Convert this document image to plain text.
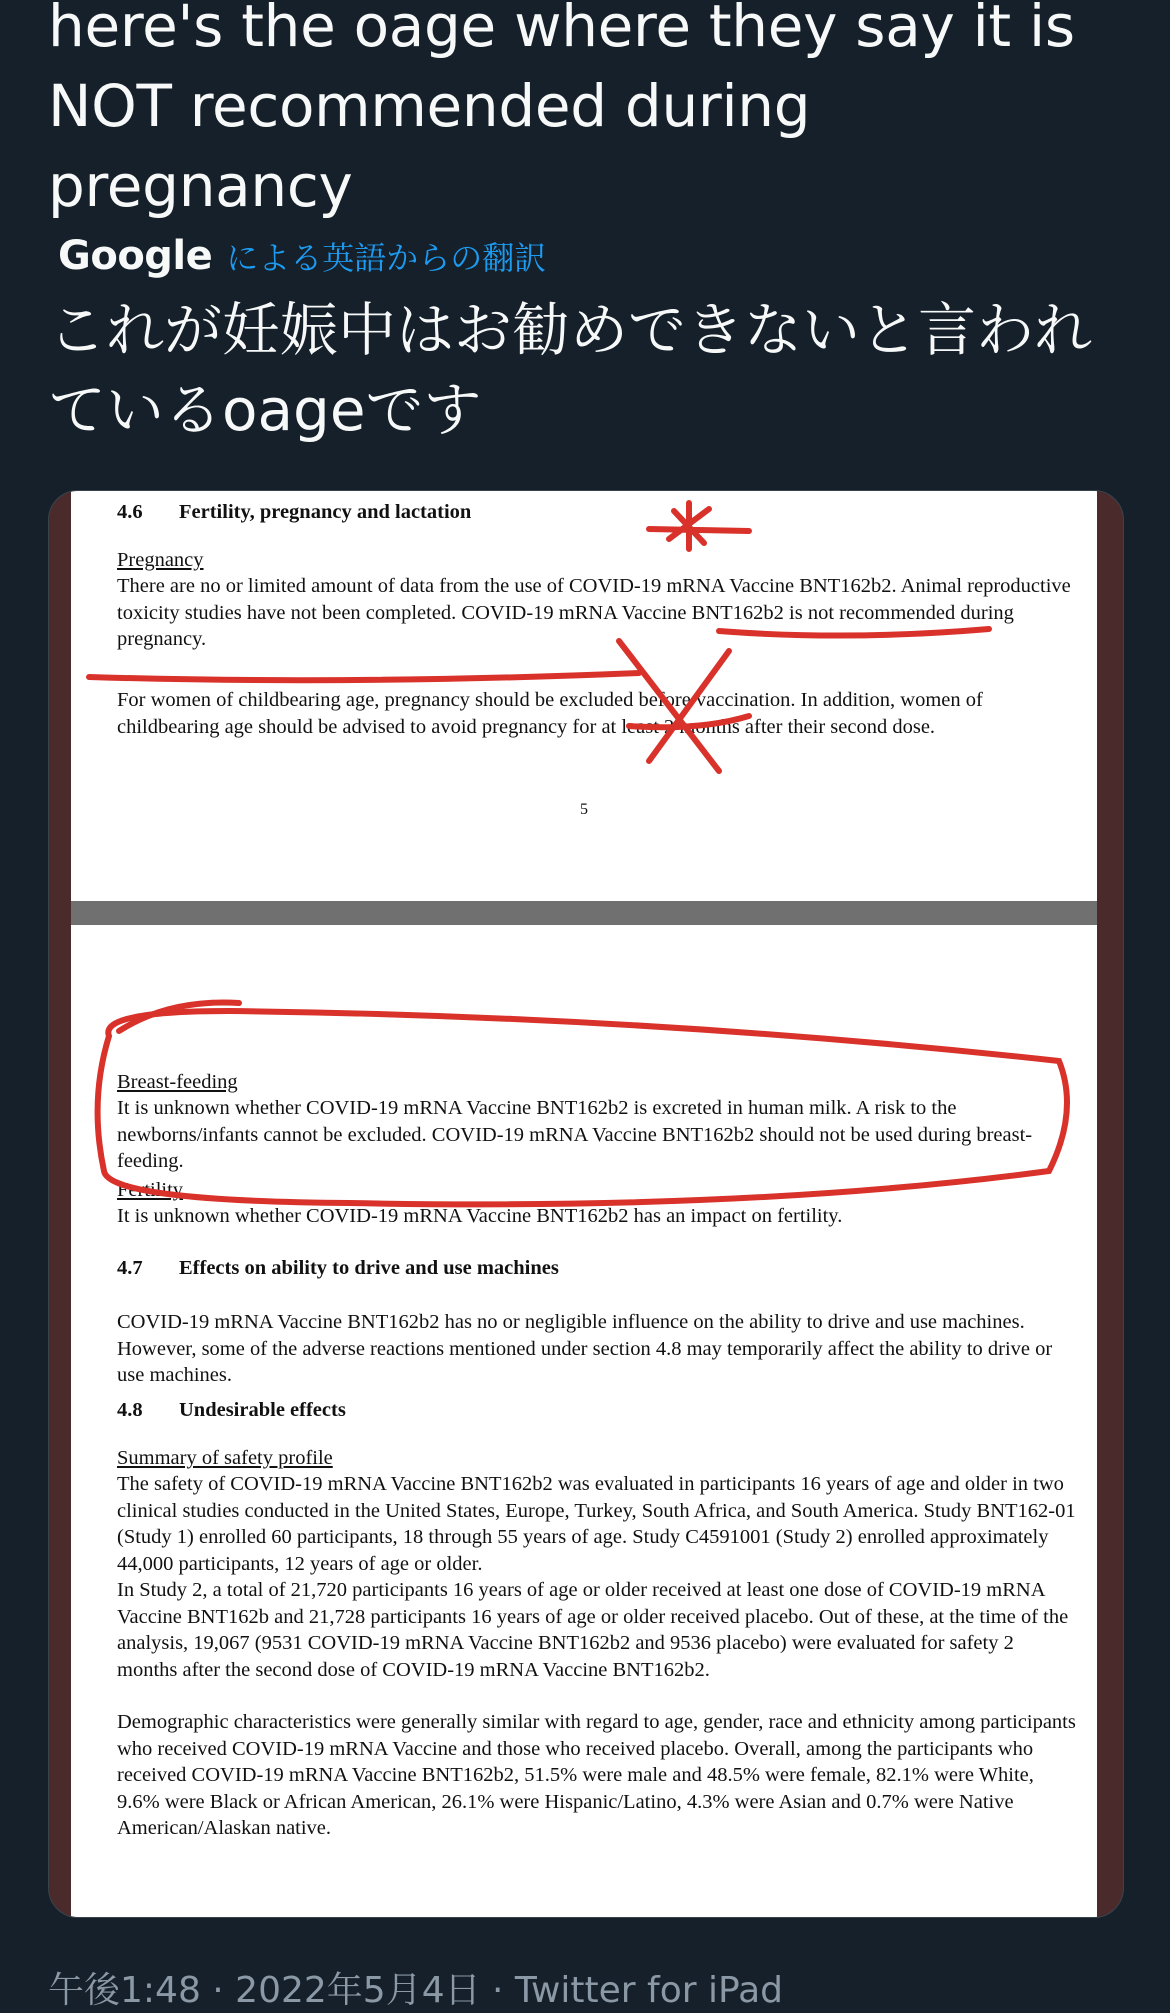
here's the oage where they say it is NOT recommended during pregnancy
Google による英語からの翻訳
これが妊娠中はお勧めできないと言われているoageです

4.6 Fertility, pregnancy and lactation

Pregnancy

There are no or limited amount of data from the use of COVID-19 mRNA Vaccine BNT162b2. Animal reproductive toxicity studies have not been completed. COVID-19 mRNA Vaccine BNT162b2 is not recommended during pregnancy.

For women of childbearing age, pregnancy should be excluded before vaccination. In addition, women of childbearing age should be advised to avoid pregnancy for at least 2 months after their second dose.

5

Breast-feeding

It is unknown whether COVID-19 mRNA Vaccine BNT162b2 is excreted in human milk. A risk to the newborns/infants cannot be excluded. COVID-19 mRNA Vaccine BNT162b2 should not be used during breast-feeding.

Fertility

It is unknown whether COVID-19 mRNA Vaccine BNT162b2 has an impact on fertility.

4.7 Effects on ability to drive and use machines

COVID-19 mRNA Vaccine BNT162b2 has no or negligible influence on the ability to drive and use machines. However, some of the adverse reactions mentioned under section 4.8 may temporarily affect the ability to drive or use machines.

4.8 Undesirable effects

Summary of safety profile

The safety of COVID-19 mRNA Vaccine BNT162b2 was evaluated in participants 16 years of age and older in two clinical studies conducted in the United States, Europe, Turkey, South Africa, and South America. Study BNT162-01 (Study 1) enrolled 60 participants, 18 through 55 years of age. Study C4591001 (Study 2) enrolled approximately 44,000 participants, 12 years of age or older.

In Study 2, a total of 21,720 participants 16 years of age or older received at least one dose of COVID-19 mRNA Vaccine BNT162b and 21,728 participants 16 years of age or older received placebo. Out of these, at the time of the analysis, 19,067 (9531 COVID-19 mRNA Vaccine BNT162b2 and 9536 placebo) were evaluated for safety 2 months after the second dose of COVID-19 mRNA Vaccine BNT162b2.

Demographic characteristics were generally similar with regard to age, gender, race and ethnicity among participants who received COVID-19 mRNA Vaccine and those who received placebo. Overall, among the participants who received COVID-19 mRNA Vaccine BNT162b2, 51.5% were male and 48.5% were female, 82.1% were White, 9.6% were Black or African American, 26.1% were Hispanic/Latino, 4.3% were Asian and 0.7% were Native American/Alaskan native.

午後1:48 · 2022年5月4日 · Twitter for iPad
